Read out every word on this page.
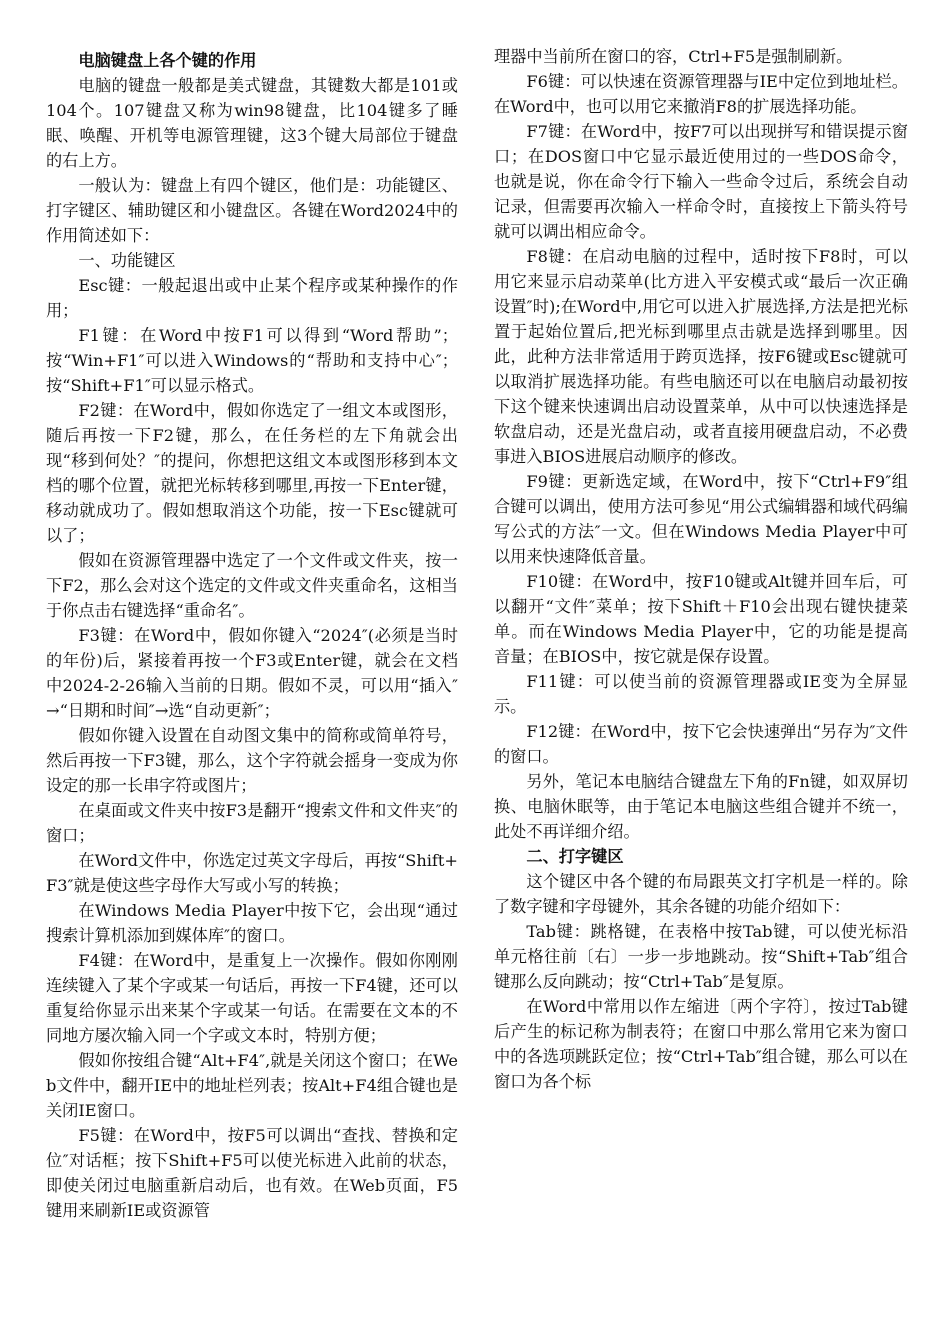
电脑键盘上各个键的作用

电脑的键盘一般都是美式键盘，其键数大都是101或104个。107键盘又称为win98键盘，比104键多了睡眠、唤醒、开机等电源管理键，这3个键大局部位于键盘的右上方。

一般认为：键盘上有四个键区，他们是：功能键区、打字键区、辅助键区和小键盘区。各键在Word2024中的作用简述如下：

一、功能键区

Esc键：一般起退出或中止某个程序或某种操作的作用；

F1键：在Word中按F1可以得到“Word帮助”；按“Win+F1″可以进入Windows的“帮助和支持中心″；按“Shift+F1″可以显示格式。

F2键：在Word中，假如你选定了一组文本或图形，随后再按一下F2键，那么，在任务栏的左下角就会出现“移到何处？″的提问，你想把这组文本或图形移到本文档的哪个位置，就把光标转移到哪里,再按一下Enter键，移动就成功了。假如想取消这个功能，按一下Esc键就可以了；

假如在资源管理器中选定了一个文件或文件夹，按一下F2，那么会对这个选定的文件或文件夹重命名，这相当于你点击右键选择“重命名″。

F3键：在Word中，假如你键入“2024″(必须是当时的年份)后，紧接着再按一个F3或Enter键，就会在文档中2024-2-26输入当前的日期。假如不灵，可以用“插入″→“日期和时间″→选“自动更新″；

假如你键入设置在自动图文集中的简称或简单符号，然后再按一下F3键，那么，这个字符就会摇身一变成为你设定的那一长串字符或图片；

在桌面或文件夹中按F3是翻开“搜索文件和文件夹″的窗口；

在Word文件中，你选定过英文字母后，再按“Shift+F3″就是使这些字母作大写或小写的转换；

在Windows Media Player中按下它，会出现“通过搜索计算机添加到媒体库″的窗口。

F4键：在Word中，是重复上一次操作。假如你刚刚连续键入了某个字或某一句话后，再按一下F4键，还可以重复给你显示出来某个字或某一句话。在需要在文本的不同地方屡次输入同一个字或文本时，特别方便；

假如你按组合键“Alt+F4″,就是关闭这个窗口；在Web文件中，翻开IE中的地址栏列表；按Alt+F4组合键也是关闭IE窗口。

F5键：在Word中，按F5可以调出“查找、替换和定位″对话框；按下Shift+F5可以使光标进入此前的状态，即使关闭过电脑重新启动后，也有效。在Web页面，F5键用来刷新IE或资源管

理器中当前所在窗口的容，Ctrl+F5是强制刷新。

F6键：可以快速在资源管理器与IE中定位到地址栏。在Word中，也可以用它来撤消F8的扩展选择功能。

F7键：在Word中，按F7可以出现拼写和错误提示窗口；在DOS窗口中它显示最近使用过的一些DOS命令，也就是说，你在命令行下输入一些命令过后，系统会自动记录，但需要再次输入一样命令时，直接按上下箭头符号就可以调出相应命令。

F8键：在启动电脑的过程中，适时按下F8时，可以用它来显示启动菜单(比方进入平安模式或“最后一次正确设置″时);在Word中,用它可以进入扩展选择,方法是把光标置于起始位置后,把光标到哪里点击就是选择到哪里。因此，此种方法非常适用于跨页选择，按F6键或Esc键就可以取消扩展选择功能。有些电脑还可以在电脑启动最初按下这个键来快速调出启动设置菜单，从中可以快速选择是软盘启动，还是光盘启动，或者直接用硬盘启动，不必费事进入BIOS进展启动顺序的修改。

F9键：更新选定域，在Word中，按下“Ctrl+F9″组合键可以调出，使用方法可参见“用公式编辑器和域代码编写公式的方法″一文。但在Windows Media Player中可以用来快速降低音量。

F10键：在Word中，按F10键或Alt键并回车后，可以翻开“文件″菜单；按下Shift＋F10会出现右键快捷菜单。而在Windows Media Player中，它的功能是提高音量；在BIOS中，按它就是保存设置。

F11键：可以使当前的资源管理器或IE变为全屏显示。

F12键：在Word中，按下它会快速弹出“另存为″文件的窗口。

另外，笔记本电脑结合键盘左下角的Fn键，如双屏切换、电脑休眠等，由于笔记本电脑这些组合键并不统一，此处不再详细介绍。

二、打字键区

这个键区中各个键的布局跟英文打字机是一样的。除了数字键和字母键外，其余各键的功能介绍如下：

Tab键：跳格键，在表格中按Tab键，可以使光标沿单元格往前〔右〕一步一步地跳动。按“Shift+Tab″组合键那么反向跳动；按“Ctrl+Tab″是复原。

在Word中常用以作左缩进〔两个字符〕，按过Tab键后产生的标记称为制表符；在窗口中那么常用它来为窗口中的各选项跳跃定位；按“Ctrl+Tab″组合键，那么可以在窗口为各个标
